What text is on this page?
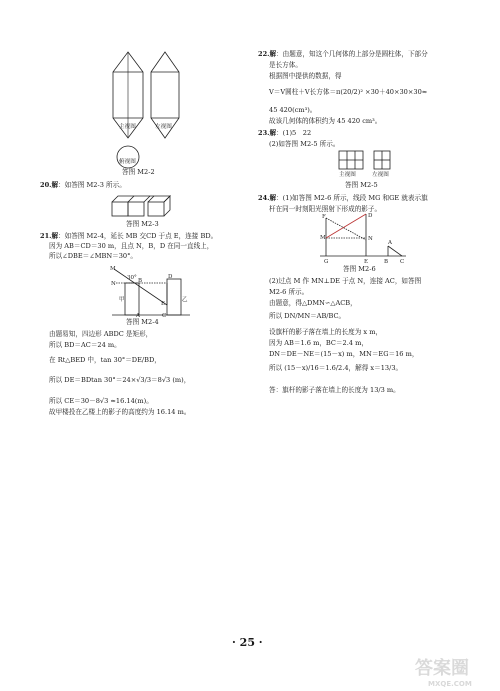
主视图	左视图
俯视图
答图 M2-2
20.解：如答图 M2-3 所示。
答图 M2-3
21.解：如答图 M2-4，延长 MB 交CD 于点 E，连接 BD。
因为 AB＝CD＝30 m，且点 N，B，D 在同一直线上，
所以∠DBE＝∠MBN＝30°。
M
N
30° B
D
E
A	C
甲	乙
答图 M2-4
由题易知，四边形 ABDC 是矩形，
所以 BD＝AC＝24 m。
在 Rt△BED 中，tan 30°＝DE/BD，
所以 DE＝BDtan 30°＝24×√3/3＝8√3 (m)，
所以 CE＝30－8√3 ≈16.14(m)。
故甲楼投在乙楼上的影子的高度约为 16.14 m。
22.解：由题意，知这个几何体的上部分是圆柱体，下部分
是长方体。
根据图中提供的数据，得
V＝V圆柱＋V长方体＝π(20/2)² ×30＋40×30×30≈
45 420(cm³)。
故该几何体的体积约为 45 420 cm³。
23.解：(1)5　22
(2)如答图 M2-5 所示。
主视图	左视图
答图 M2-5
24.解：(1)如答图 M2-6 所示，线段 MG 和GE 就表示旗
杆在同一时刻阳光照射下形成的影子。
F	D
M	N
G	E
A
B C
答图 M2-6
(2)过点 M 作 MN⊥DE 于点 N，连接 AC，如答图
M2-6 所示。
由题意，得△DMN∽△ACB，
所以 DN/MN＝AB/BC。
设旗杆的影子落在墙上的长度为 x m，
因为 AB＝1.6 m，BC＝2.4 m，
DN＝DE－NE＝(15－x) m，MN＝EG＝16 m，
所以 (15－x)/16＝1.6/2.4，解得 x＝13/3。
答：旗杆的影子落在墙上的长度为 13/3 m。
· 25 ·
答案圈
MXQE.COM
